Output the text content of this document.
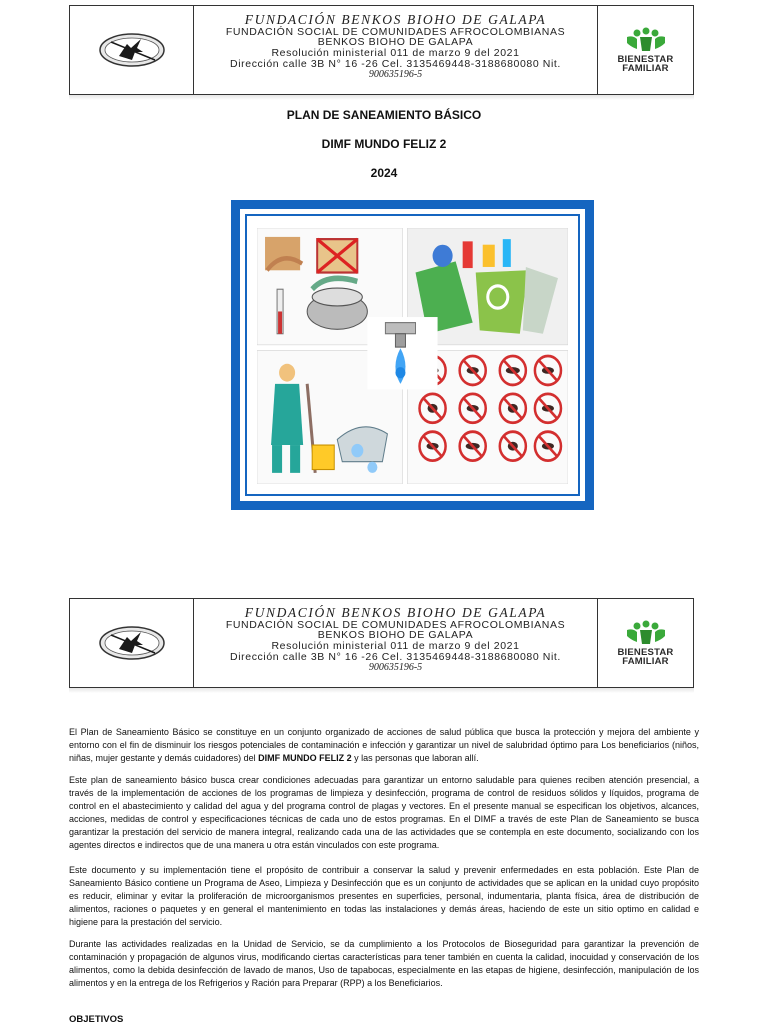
FUNDACIÓN BENKOS BIOHO DE GALAPA
FUNDACIÓN SOCIAL DE COMUNIDADES AFROCOLOMBIANAS
BENKOS BIOHO DE GALAPA
Resolución ministerial 011 de marzo 9 del 2021
Dirección calle 3B N° 16 -26 Cel. 3135469448-3188680080 Nit.
900635196-5
BIENESTAR
FAMILIAR
PLAN DE SANEAMIENTO BÁSICO
DIMF MUNDO FELIZ 2
2024
FUNDACIÓN BENKOS BIOHO DE GALAPA
FUNDACIÓN SOCIAL DE COMUNIDADES AFROCOLOMBIANAS
BENKOS BIOHO DE GALAPA
Resolución ministerial 011 de marzo 9 del 2021
Dirección calle 3B N° 16 -26 Cel. 3135469448-3188680080 Nit.
900635196-5
BIENESTAR
FAMILIAR
El Plan de Saneamiento Básico se constituye en un conjunto organizado de acciones de salud pública que busca la protección y mejora del ambiente y entorno con el fin de disminuir los riesgos potenciales de contaminación e infección y garantizar un nivel de salubridad óptimo para Los beneficiarios (niños, niñas, mujer gestante y demás cuidadores) del DIMF MUNDO FELIZ 2 y las personas que laboran allí.
Este plan de saneamiento básico busca crear condiciones adecuadas para garantizar un entorno saludable para quienes reciben atención presencial, a través de la implementación de acciones de los programas de limpieza y desinfección, programa de control de residuos sólidos y líquidos, programa de control en el abastecimiento y calidad del agua y del programa control de plagas y vectores. En el presente manual se especifican los objetivos, alcances, acciones, medidas de control y especificaciones técnicas de cada uno de estos programas. En el DIMF a través de este Plan de Saneamiento se busca garantizar la prestación del servicio de manera integral, realizando cada una de las actividades que se contempla en este documento, socializando con los agentes directos e indirectos que de una manera u otra están vinculados con este programa.
Este documento y su implementación tiene el propósito de contribuir a conservar la salud y prevenir enfermedades en esta población. Este Plan de Saneamiento Básico contiene un Programa de Aseo, Limpieza y Desinfección que es un conjunto de actividades que se aplican en la unidad cuyo propósito es reducir, eliminar y evitar la proliferación de microorganismos presentes en superficies, personal, indumentaria, planta física, área de distribución de alimentos, raciones o paquetes y en general el mantenimiento en todas las instalaciones y demás áreas, haciendo de este un sitio optimo en calidad e higiene para la prestación del servicio.
Durante las actividades realizadas en la Unidad de Servicio, se da cumplimiento a los Protocolos de Bioseguridad para garantizar la prevención de contaminación y propagación de algunos virus, modificando ciertas características para tener también en cuenta la calidad, inocuidad y conservación de los alimentos, como la debida desinfección de lavado de manos, Uso de tapabocas, especialmente en las etapas de higiene, desinfección, manipulación de los alimentos y en la entrega de los Refrigerios y Ración para Preparar (RPP) a los Beneficiarios.
OBJETIVOS
